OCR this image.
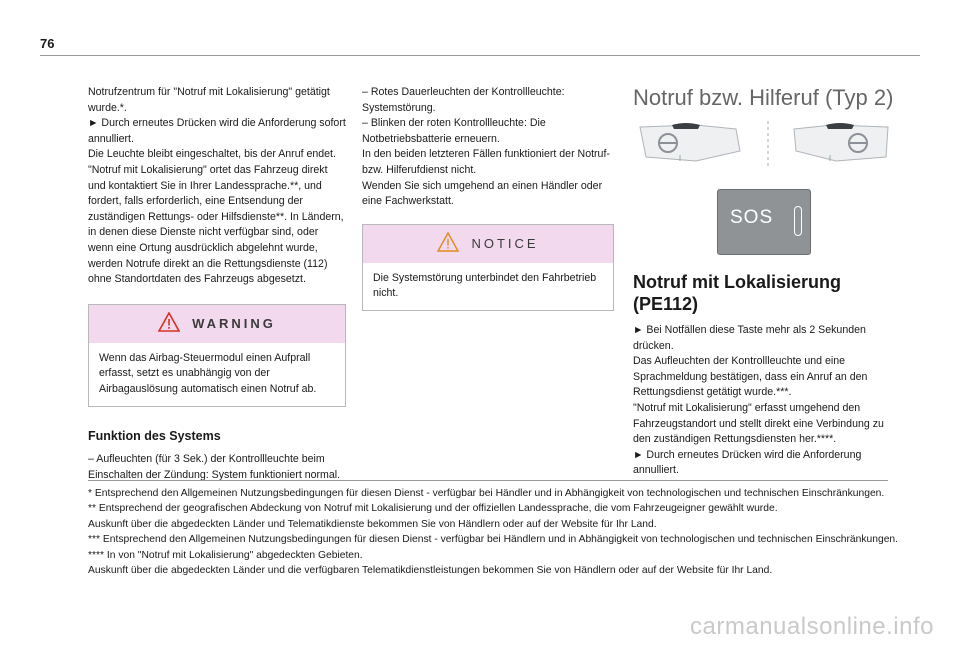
76

Notrufzentrum für "Notruf mit Lokalisierung" getätigt wurde.*.

► Durch erneutes Drücken wird die Anforderung sofort annulliert.

Die Leuchte bleibt eingeschaltet, bis der Anruf endet.

"Notruf mit Lokalisierung" ortet das Fahrzeug direkt und kontaktiert Sie in Ihrer Landessprache.**, und fordert, falls erforderlich, eine Entsendung der zuständigen Rettungs- oder Hilfsdienste**. In Ländern, in denen diese Dienste nicht verfügbar sind, oder wenn eine Ortung ausdrücklich abgelehnt wurde, werden Notrufe direkt an die Rettungsdienste (112) ohne Standortdaten des Fahrzeugs abgesetzt.

WARNING

Wenn das Airbag-Steuermodul einen Aufprall erfasst, setzt es unabhängig von der Airbagauslösung automatisch einen Notruf ab.

Funktion des Systems

– Aufleuchten (für 3 Sek.) der Kontrollleuchte beim Einschalten der Zündung: System funktioniert normal.

– Rotes Dauerleuchten der Kontrollleuchte: Systemstörung.

– Blinken der roten Kontrollleuchte: Die Notbetriebsbatterie erneuern.

In den beiden letzteren Fällen funktioniert der Notruf- bzw. Hilferufdienst nicht.

Wenden Sie sich umgehend an einen Händler oder eine Fachwerkstatt.

NOTICE

Die Systemstörung unterbindet den Fahrbetrieb nicht.

Notruf bzw. Hilferuf (Typ 2)
SOS
Notruf mit Lokalisierung (PE112)

► Bei Notfällen diese Taste mehr als 2 Sekunden drücken.

Das Aufleuchten der Kontrollleuchte und eine Sprachmeldung bestätigen, dass ein Anruf an den Rettungsdienst getätigt wurde.***.

"Notruf mit Lokalisierung" erfasst umgehend den Fahrzeugstandort und stellt direkt eine Verbindung zu den zuständigen Rettungsdiensten her.****.

► Durch erneutes Drücken wird die Anforderung annulliert.

* Entsprechend den Allgemeinen Nutzungsbedingungen für diesen Dienst - verfügbar bei Händler und in Abhängigkeit von technologischen und technischen Einschränkungen.

** Entsprechend der geografischen Abdeckung von Notruf mit Lokalisierung und der offiziellen Landessprache, die vom Fahrzeugeigner gewählt wurde.

Auskunft über die abgedeckten Länder und Telematikdienste bekommen Sie von Händlern oder auf der Website für Ihr Land.

*** Entsprechend den Allgemeinen Nutzungsbedingungen für diesen Dienst - verfügbar bei Händlern und in Abhängigkeit von technologischen und technischen Einschränkungen.

**** In von "Notruf mit Lokalisierung" abgedeckten Gebieten.

Auskunft über die abgedeckten Länder und die verfügbaren Telematikdienstleistungen bekommen Sie von Händlern oder auf der Website für Ihr Land.

carmanualsonline.info
